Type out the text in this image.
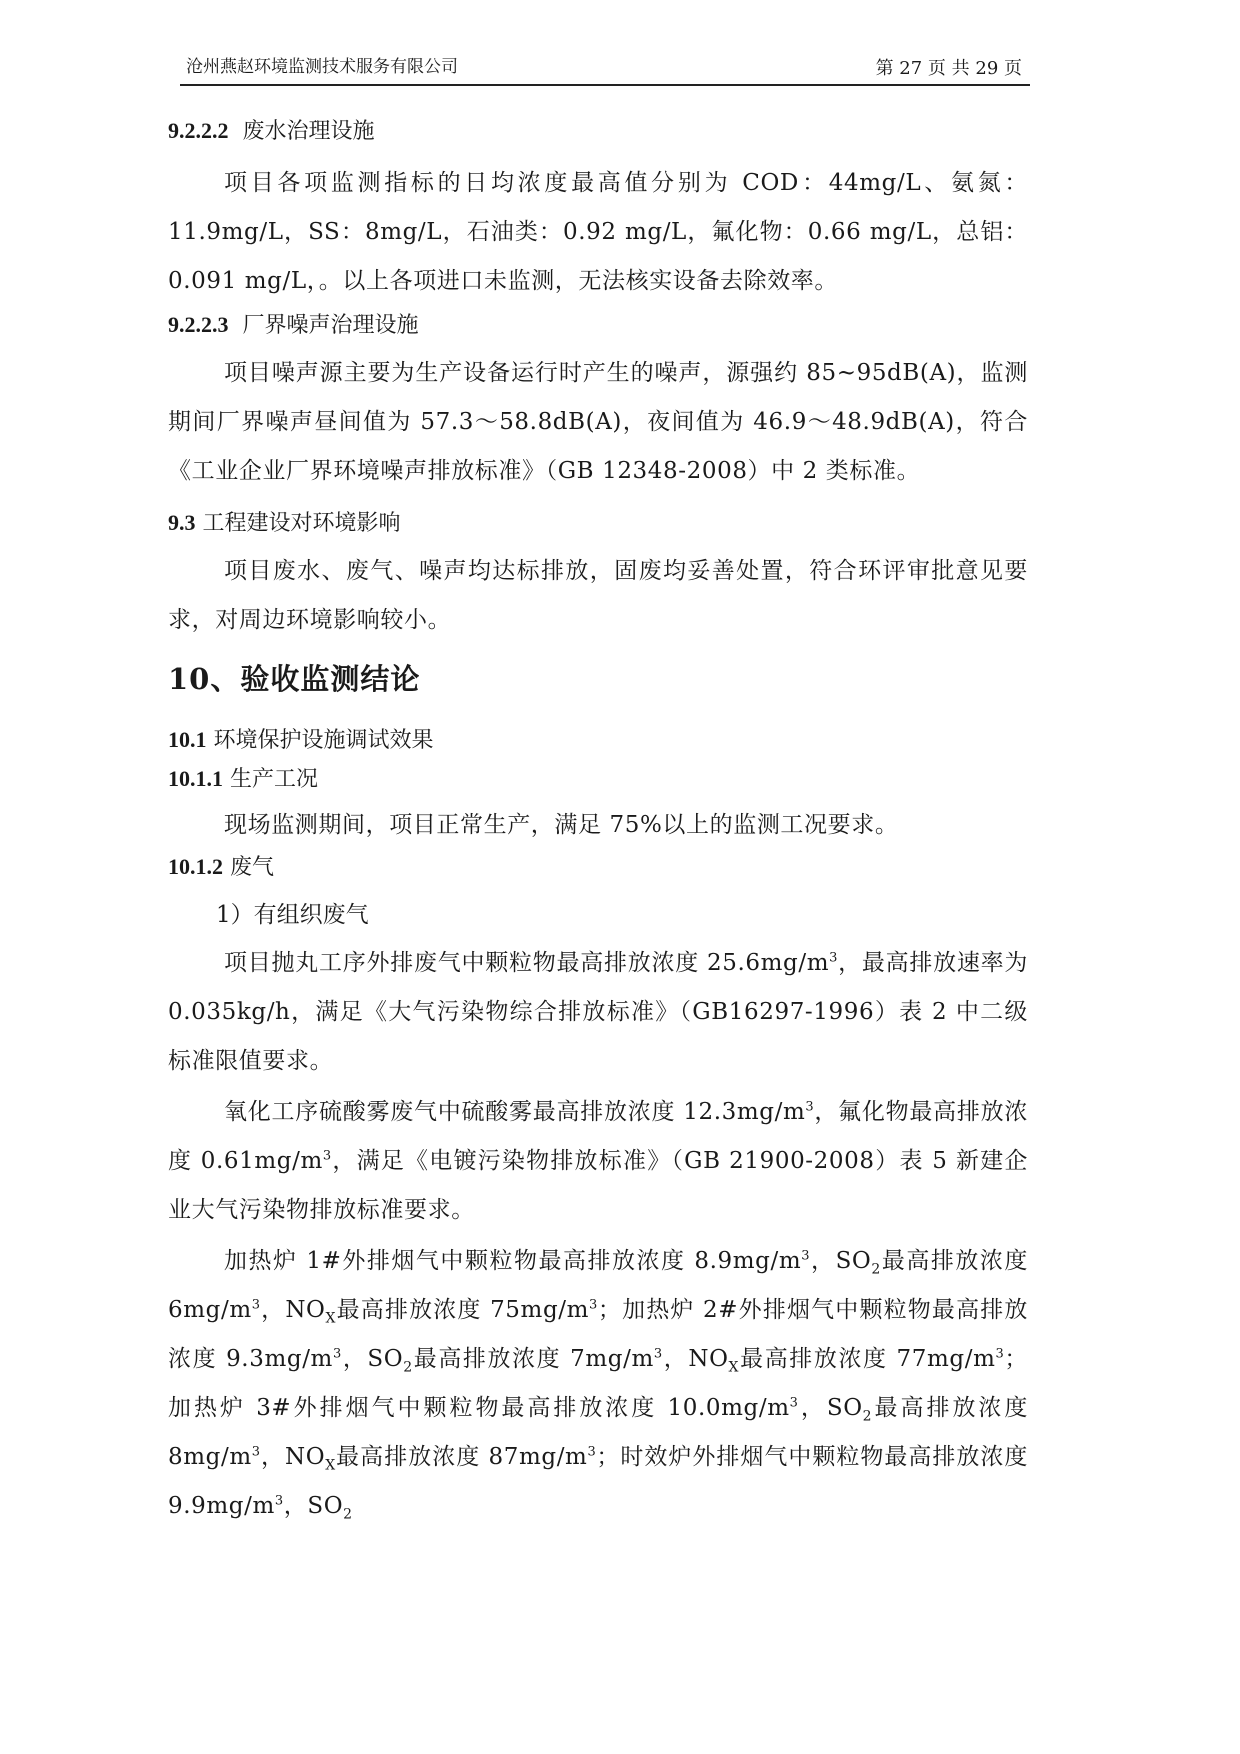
沧州燕赵环境监测技术服务有限公司	第 27 页 共 29 页

9.2.2.2 废水治理设施

项目各项监测指标的日均浓度最高值分别为 COD：44mg/L、氨氮：11.9mg/L，SS：8mg/L，石油类：0.92 mg/L，氟化物：0.66 mg/L，总铝：0.091 mg/L，。以上各项进口未监测，无法核实设备去除效率。

9.2.2.3 厂界噪声治理设施

项目噪声源主要为生产设备运行时产生的噪声，源强约 85~95dB(A)，监测期间厂界噪声昼间值为 57.3～58.8dB(A)，夜间值为 46.9～48.9dB(A)，符合《工业企业厂界环境噪声排放标准》（GB 12348-2008）中 2 类标准。

9.3 工程建设对环境影响

项目废水、废气、噪声均达标排放，固废均妥善处置，符合环评审批意见要求，对周边环境影响较小。

10、验收监测结论

10.1 环境保护设施调试效果

10.1.1 生产工况

现场监测期间，项目正常生产，满足 75%以上的监测工况要求。

10.1.2 废气

1）有组织废气

项目抛丸工序外排废气中颗粒物最高排放浓度 $25.6mg/m^3$，最高排放速率为 0.035kg/h，满足《大气污染物综合排放标准》（GB16297-1996）表 2 中二级标准限值要求。

氧化工序硫酸雾废气中硫酸雾最高排放浓度 $12.3mg/m^3$，氟化物最高排放浓度 $0.61mg/m^3$，满足《电镀污染物排放标准》（GB 21900-2008）表 5 新建企业大气污染物排放标准要求。

加热炉 1#外排烟气中颗粒物最高排放浓度 $8.9mg/m^3$，$SO_2$最高排放浓度 $6mg/m^3$，$NO_X$最高排放浓度 $75mg/m^3$；加热炉 2#外排烟气中颗粒物最高排放浓度 $9.3mg/m^3$，$SO_2$最高排放浓度 $7mg/m^3$，$NO_X$最高排放浓度 $77mg/m^3$；加热炉 3#外排烟气中颗粒物最高排放浓度 $10.0mg/m^3$，$SO_2$最高排放浓度 $8mg/m^3$，$NO_X$最高排放浓度 $87mg/m^3$；时效炉外排烟气中颗粒物最高排放浓度 $9.9mg/m^3$，$SO_2$
